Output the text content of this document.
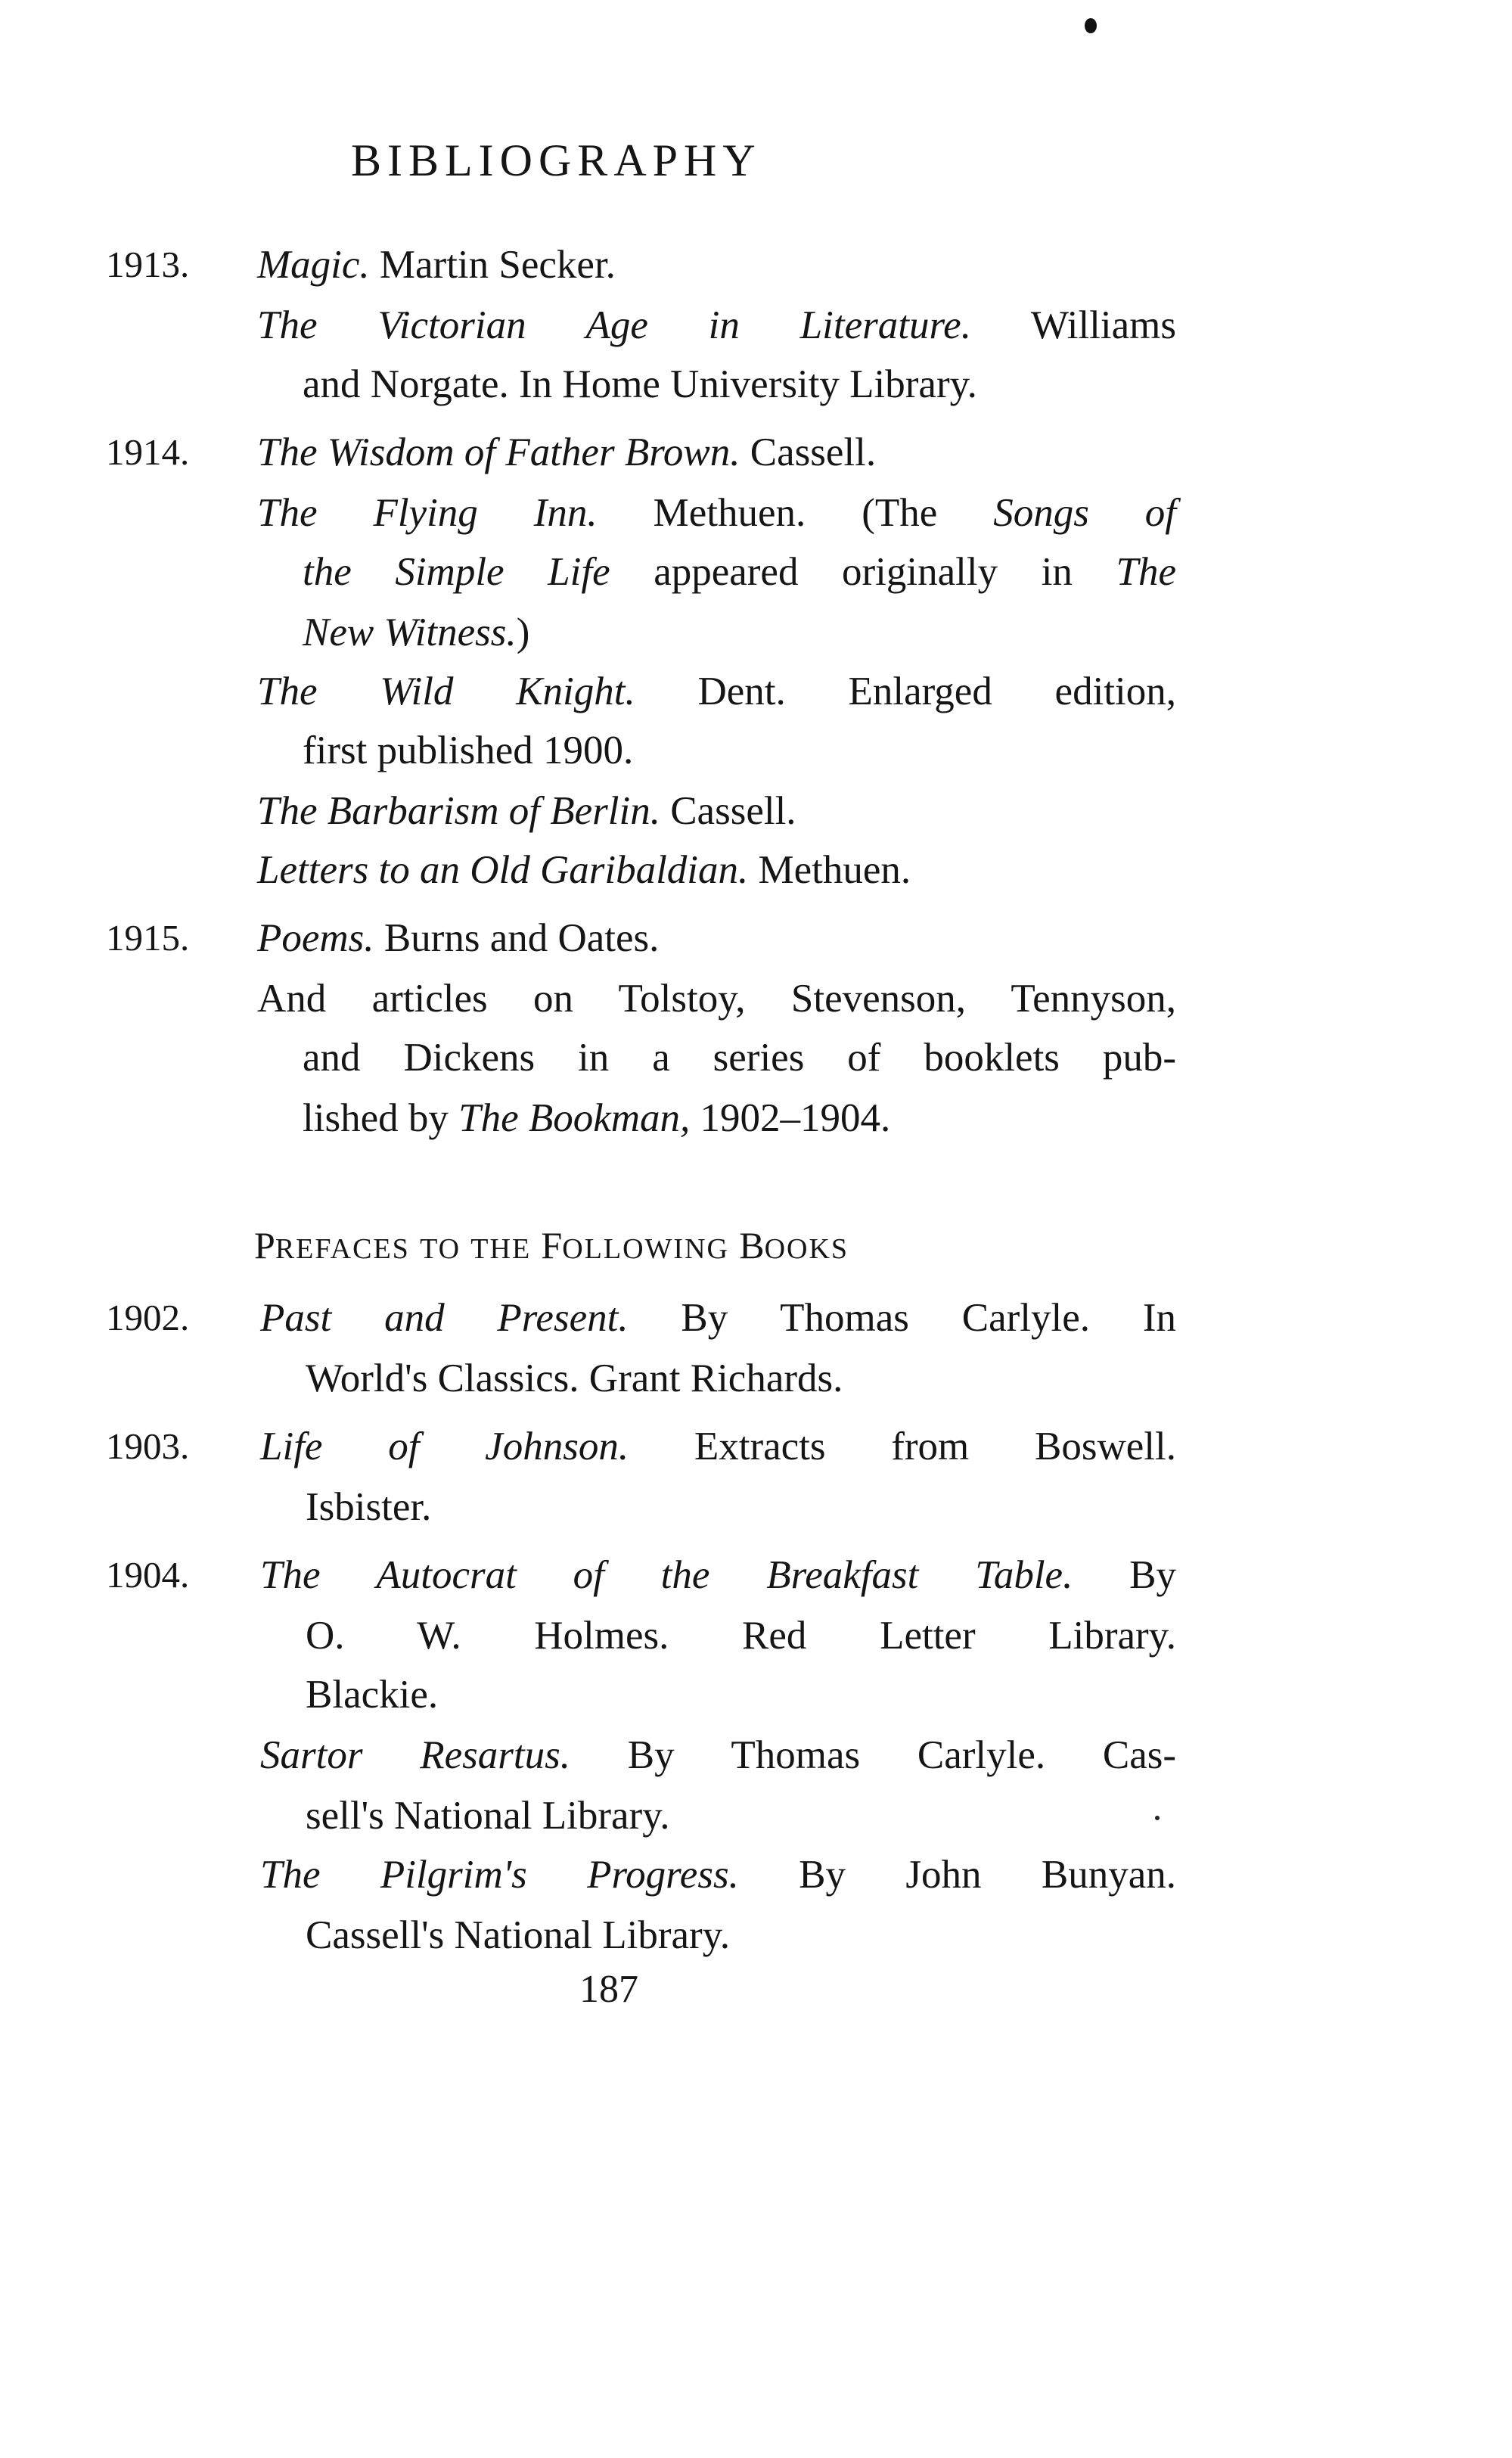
BIBLIOGRAPHY
1913. Magic. Martin Secker.
The Victorian Age in Literature. Williams
and Norgate. In Home University Library.
1914. The Wisdom of Father Brown. Cassell.
The Flying Inn. Methuen. (The Songs of
the Simple Life appeared originally in The
New Witness.)
The Wild Knight. Dent. Enlarged edition,
first published 1900.
The Barbarism of Berlin. Cassell.
Letters to an Old Garibaldian. Methuen.
1915. Poems. Burns and Oates.
And articles on Tolstoy, Stevenson, Tennyson,
and Dickens in a series of booklets pub-
lished by The Bookman, 1902–1904.
PREFACES TO THE FOLLOWING BOOKS
1902. Past and Present. By Thomas Carlyle. In
World's Classics. Grant Richards.
1903. Life of Johnson. Extracts from Boswell.
Isbister.
1904. The Autocrat of the Breakfast Table. By
O. W. Holmes. Red Letter Library.
Blackie.
Sartor Resartus. By Thomas Carlyle. Cas-
sell's National Library.
The Pilgrim's Progress. By John Bunyan.
Cassell's National Library.
187
